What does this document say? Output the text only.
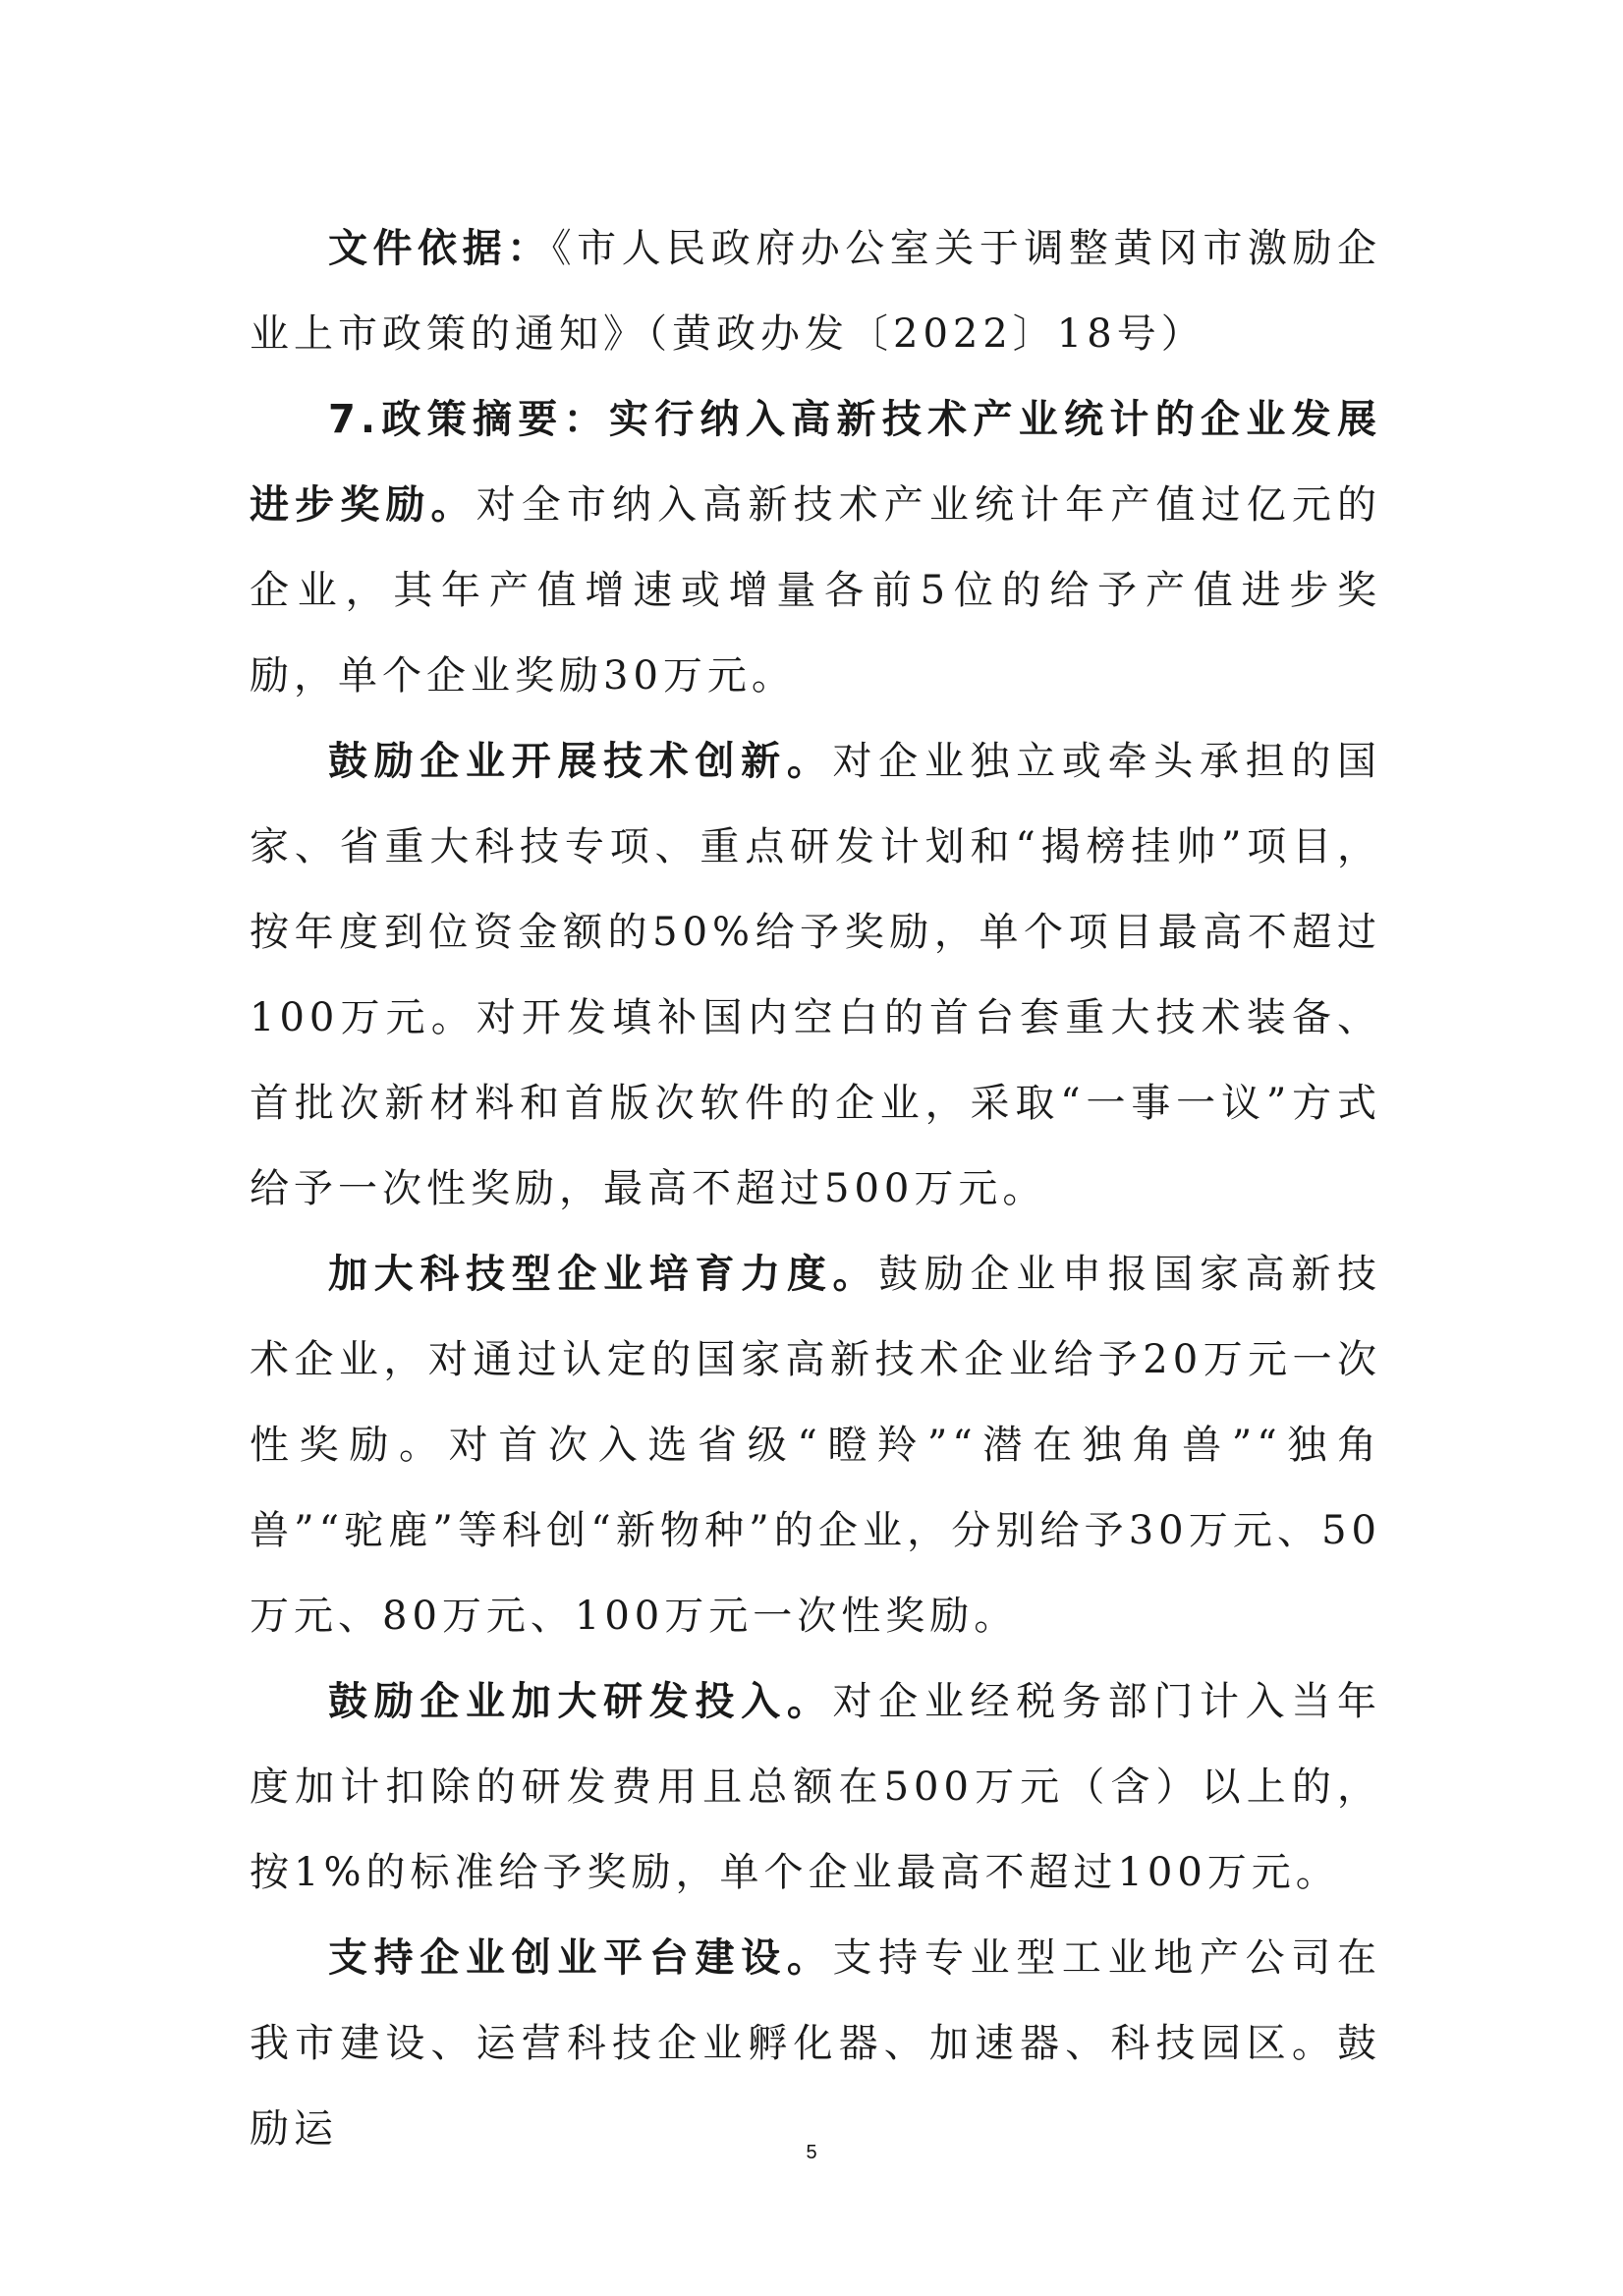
文件依据：《市人民政府办公室关于调整黄冈市激励企业上市政策的通知》（黄政办发〔2022〕18号）

7.政策摘要：实行纳入高新技术产业统计的企业发展进步奖励。对全市纳入高新技术产业统计年产值过亿元的企业，其年产值增速或增量各前5位的给予产值进步奖励，单个企业奖励30万元。

鼓励企业开展技术创新。对企业独立或牵头承担的国家、省重大科技专项、重点研发计划和“揭榜挂帅”项目，按年度到位资金额的50%给予奖励，单个项目最高不超过100万元。对开发填补国内空白的首台套重大技术装备、首批次新材料和首版次软件的企业，采取“一事一议”方式给予一次性奖励，最高不超过500万元。

加大科技型企业培育力度。鼓励企业申报国家高新技术企业，对通过认定的国家高新技术企业给予20万元一次性奖励。对首次入选省级“瞪羚”“潜在独角兽”“独角兽”“驼鹿”等科创“新物种”的企业，分别给予30万元、50万元、80万元、100万元一次性奖励。

鼓励企业加大研发投入。对企业经税务部门计入当年度加计扣除的研发费用且总额在500万元（含）以上的，按1%的标准给予奖励，单个企业最高不超过100万元。

支持企业创业平台建设。支持专业型工业地产公司在我市建设、运营科技企业孵化器、加速器、科技园区。鼓励运

5
